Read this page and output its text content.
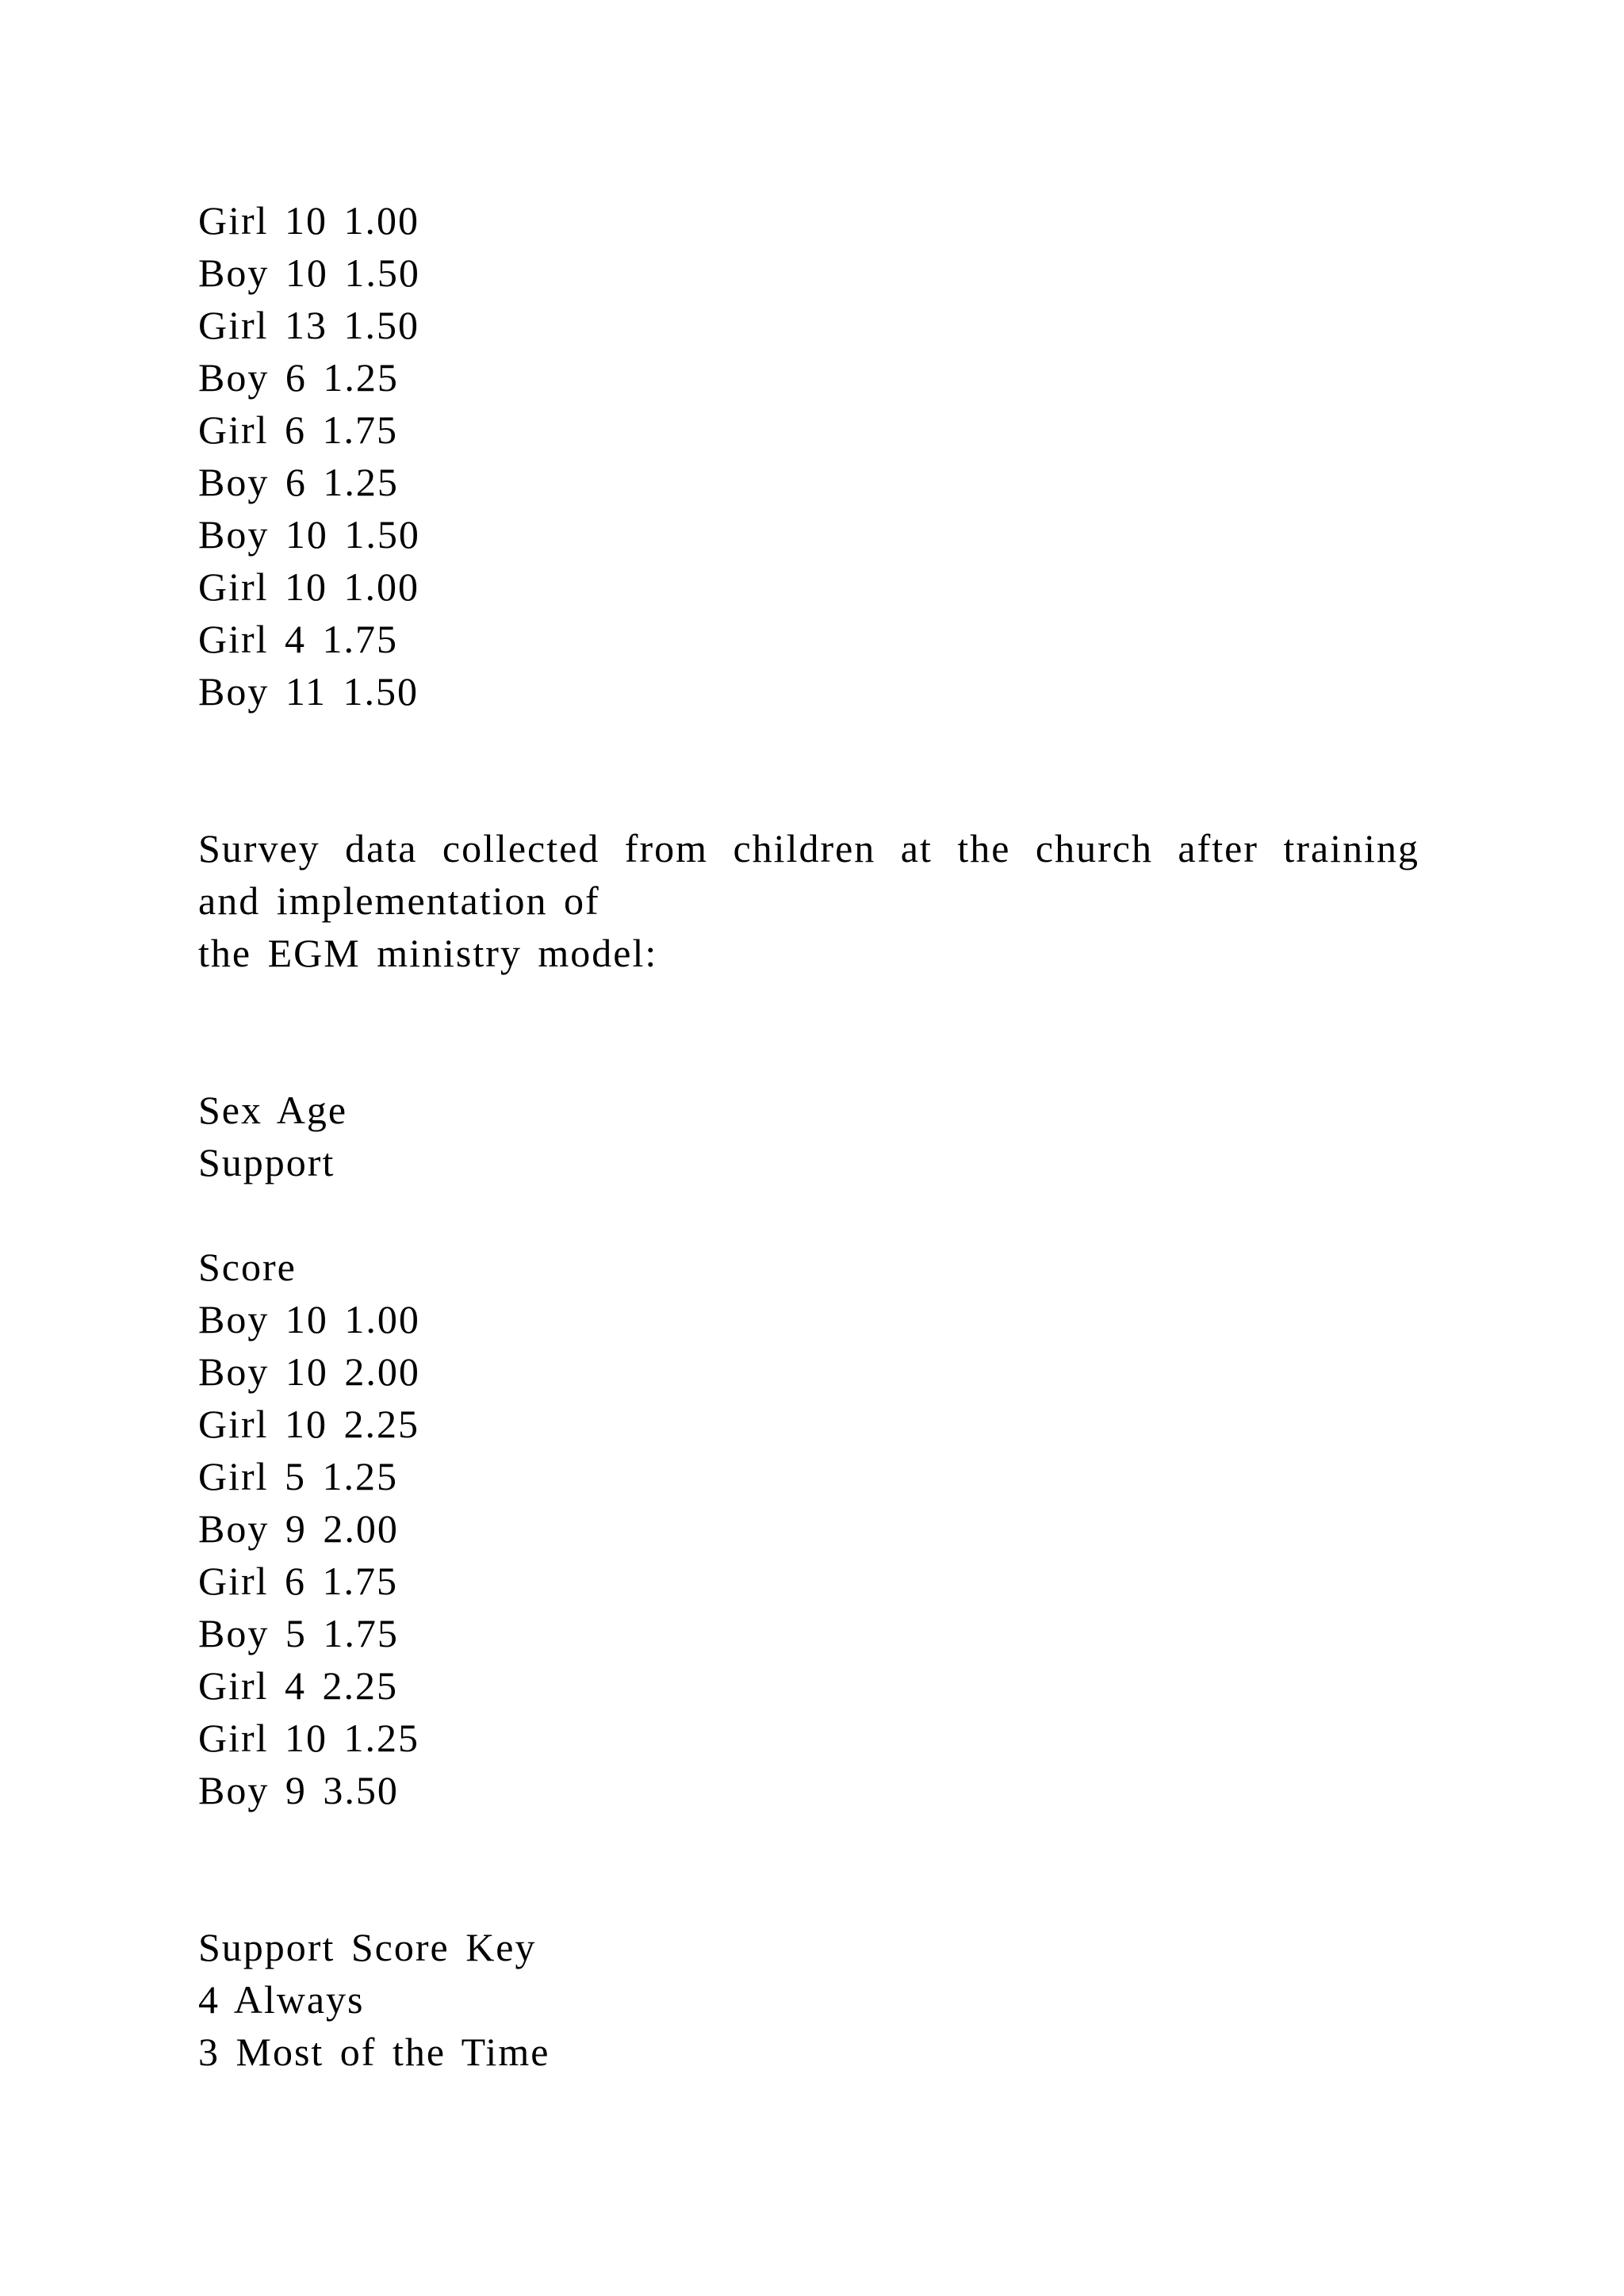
Girl 10 1.00
Boy 10 1.50
Girl 13 1.50
Boy 6 1.25
Girl 6 1.75
Boy 6 1.25
Boy 10 1.50
Girl 10 1.00
Girl 4 1.75
Boy 11 1.50
Survey data collected from children at the church after training
and implementation of
the EGM ministry model:
Sex Age
Support
Score
Boy 10 1.00
Boy 10 2.00
Girl 10 2.25
Girl 5 1.25
Boy 9 2.00
Girl 6 1.75
Boy 5 1.75
Girl 4 2.25
Girl 10 1.25
Boy 9 3.50
Support Score Key
4 Always
3 Most of the Time
